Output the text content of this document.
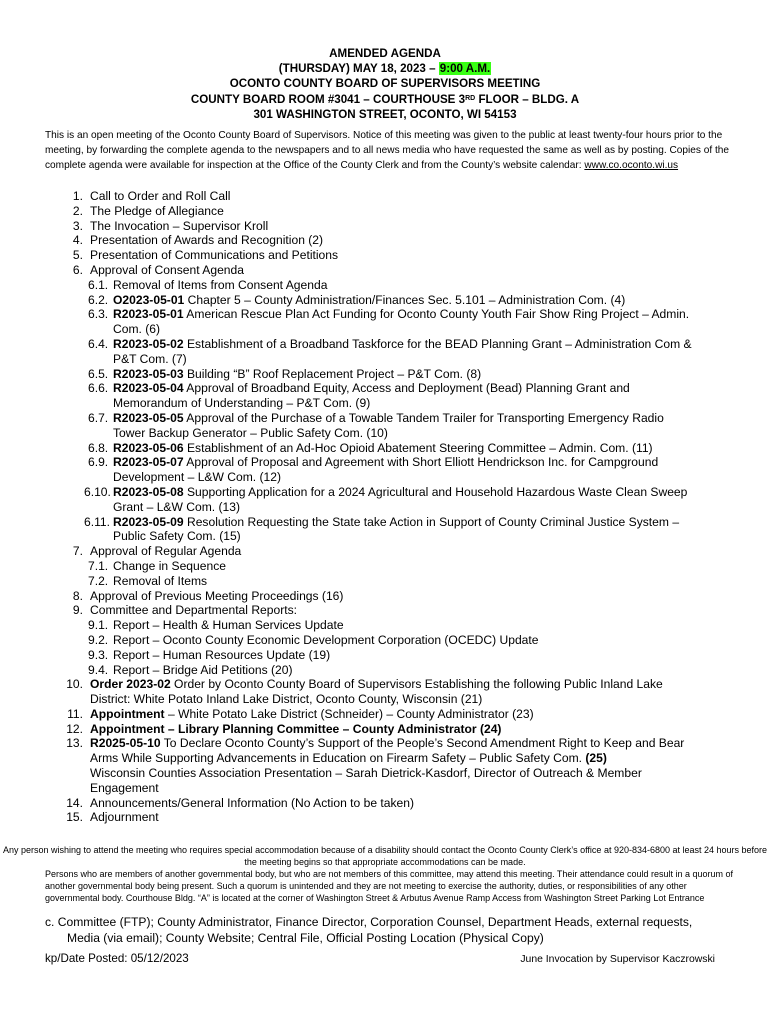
AMENDED AGENDA
(THURSDAY) MAY 18, 2023 – 9:00 A.M.
OCONTO COUNTY BOARD OF SUPERVISORS MEETING
COUNTY BOARD ROOM #3041 – COURTHOUSE 3RD FLOOR – BLDG. A
301 WASHINGTON STREET, OCONTO, WI 54153
This is an open meeting of the Oconto County Board of Supervisors. Notice of this meeting was given to the public at least twenty-four hours prior to the meeting, by forwarding the complete agenda to the newspapers and to all news media who have requested the same as well as by posting. Copies of the complete agenda were available for inspection at the Office of the County Clerk and from the County’s website calendar: www.co.oconto.wi.us
1. Call to Order and Roll Call
2. The Pledge of Allegiance
3. The Invocation – Supervisor Kroll
4. Presentation of Awards and Recognition (2)
5. Presentation of Communications and Petitions
6. Approval of Consent Agenda
6.1. Removal of Items from Consent Agenda
6.2. O2023-05-01 Chapter 5 – County Administration/Finances Sec. 5.101 – Administration Com. (4)
6.3. R2023-05-01 American Rescue Plan Act Funding for Oconto County Youth Fair Show Ring Project – Admin.
Com. (6)
6.4. R2023-05-02 Establishment of a Broadband Taskforce for the BEAD Planning Grant – Administration Com &
P&T Com. (7)
6.5. R2023-05-03 Building “B” Roof Replacement Project – P&T Com. (8)
6.6. R2023-05-04 Approval of Broadband Equity, Access and Deployment (Bead) Planning Grant and
Memorandum of Understanding – P&T Com. (9)
6.7. R2023-05-05 Approval of the Purchase of a Towable Tandem Trailer for Transporting Emergency Radio
Tower Backup Generator – Public Safety Com. (10)
6.8. R2023-05-06 Establishment of an Ad-Hoc Opioid Abatement Steering Committee – Admin. Com. (11)
6.9. R2023-05-07 Approval of Proposal and Agreement with Short Elliott Hendrickson Inc. for Campground
Development – L&W Com. (12)
6.10. R2023-05-08 Supporting Application for a 2024 Agricultural and Household Hazardous Waste Clean Sweep
Grant – L&W Com. (13)
6.11. R2023-05-09 Resolution Requesting the State take Action in Support of County Criminal Justice System –
Public Safety Com. (15)
7. Approval of Regular Agenda
7.1. Change in Sequence
7.2. Removal of Items
8. Approval of Previous Meeting Proceedings (16)
9. Committee and Departmental Reports:
9.1. Report – Health & Human Services Update
9.2. Report – Oconto County Economic Development Corporation (OCEDC) Update
9.3. Report – Human Resources Update (19)
9.4. Report – Bridge Aid Petitions (20)
10. Order 2023-02 Order by Oconto County Board of Supervisors Establishing the following Public Inland Lake
District: White Potato Inland Lake District, Oconto County, Wisconsin (21)
11. Appointment – White Potato Lake District (Schneider) – County Administrator (23)
12. Appointment – Library Planning Committee – County Administrator (24)
13. R2025-05-10 To Declare Oconto County’s Support of the People’s Second Amendment Right to Keep and Bear
Arms While Supporting Advancements in Education on Firearm Safety – Public Safety Com. (25)
Wisconsin Counties Association Presentation – Sarah Dietrick-Kasdorf, Director of Outreach & Member
Engagement
14. Announcements/General Information (No Action to be taken)
15. Adjournment
Any person wishing to attend the meeting who requires special accommodation because of a disability should contact the Oconto County Clerk’s office at 920-834-6800 at least 24 hours before the meeting begins so that appropriate accommodations can be made.
Persons who are members of another governmental body, but who are not members of this committee, may attend this meeting. Their attendance could result in a quorum of another governmental body being present. Such a quorum is unintended and they are not meeting to exercise the authority, duties, or responsibilities of any other governmental body. Courthouse Bldg. “A” is located at the corner of Washington Street & Arbutus Avenue Ramp Access from Washington Street Parking Lot Entrance
c. Committee (FTP); County Administrator, Finance Director, Corporation Counsel, Department Heads, external requests,
Media (via email); County Website; Central File, Official Posting Location (Physical Copy)
kp/Date Posted: 05/12/2023	June Invocation by Supervisor Kaczrowski
